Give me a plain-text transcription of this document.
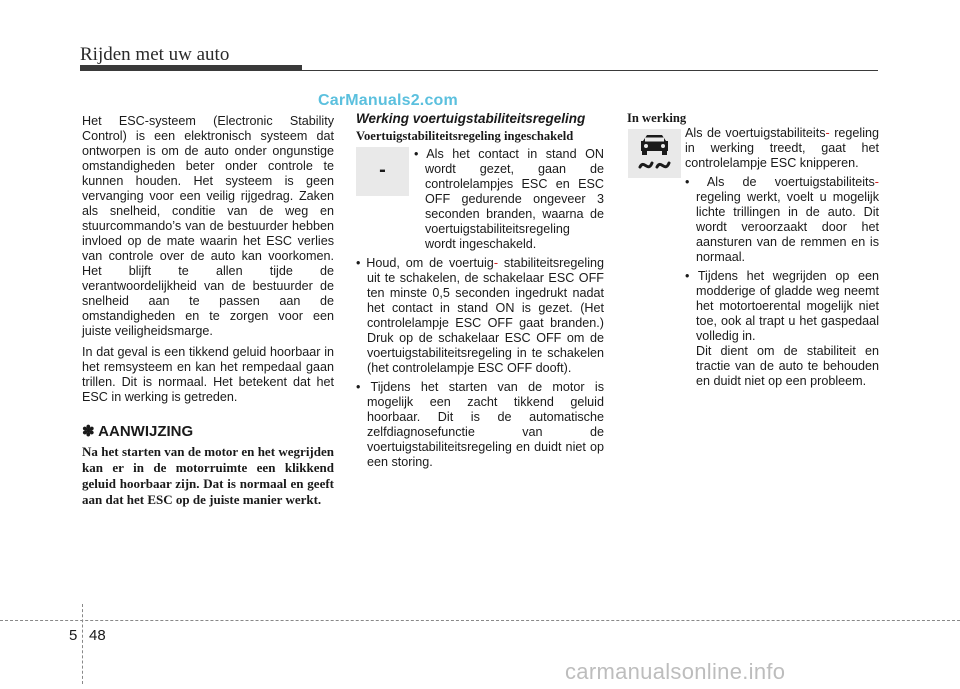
Rijden met uw auto
CarManuals2.com

Het ESC-systeem (Electronic Stability Control) is een elektronisch systeem dat ontworpen is om de auto onder ongunstige omstandigheden beter onder controle te kunnen houden. Het systeem is geen vervanging voor een veilig rijgedrag. Zaken als snelheid, conditie van de weg en stuurcommando’s van de bestuurder hebben invloed op de mate waarin het ESC verlies van controle over de auto kan voorkomen. Het blijft te allen tijde de verantwoordelijkheid van de bestuurder de snelheid aan te passen aan de omstandigheden en te zorgen voor een juiste veiligheidsmarge.

In dat geval is een tikkend geluid hoorbaar in het remsysteem en kan het rempedaal gaan trillen. Dit is normaal. Het betekent dat het ESC in werking is getreden.

✽ AANWIJZING
Na het starten van de motor en het wegrijden kan er in de motorruimte een klikkend geluid hoorbaar zijn. Dat is normaal en geeft aan dat het ESC op de juiste manier werkt.
-
Werking voertuigstabiliteitsregeling
Voertuigstabiliteitsregeling ingeschakeld
• Als het contact in stand ON wordt gezet, gaan de controlelampjes ESC en ESC OFF gedurende ongeveer 3 seconden branden, waarna de voertuigstabiliteitsregeling wordt ingeschakeld.
• Houd, om de voertuig- stabiliteitsregeling uit te schakelen, de schakelaar ESC OFF ten minste 0,5 seconden ingedrukt nadat het contact in stand ON is gezet. (Het controlelampje ESC OFF gaat branden.) Druk op de schakelaar ESC OFF om de voertuigstabiliteitsregeling in te schakelen (het controlelampje ESC OFF dooft).
• Tijdens het starten van de motor is mogelijk een zacht tikkend geluid hoorbaar. Dit is de automatische zelfdiagnosefunctie van de voertuigstabiliteitsregeling en duidt niet op een storing.
In werking

Als de voertuigstabiliteits- regeling in werking treedt, gaat het controlelampje ESC knipperen.

• Als de voertuigstabiliteits- regeling werkt, voelt u mogelijk lichte trillingen in de auto. Dit wordt veroorzaakt door het aansturen van de remmen en is normaal.
• Tijdens het wegrijden op een modderige of gladde weg neemt het motortoerental mogelijk niet toe, ook al trapt u het gaspedaal volledig in.

Dit dient om de stabiliteit en tractie van de auto te behouden en duidt niet op een probleem.

5 48
carmanualsonline.info
